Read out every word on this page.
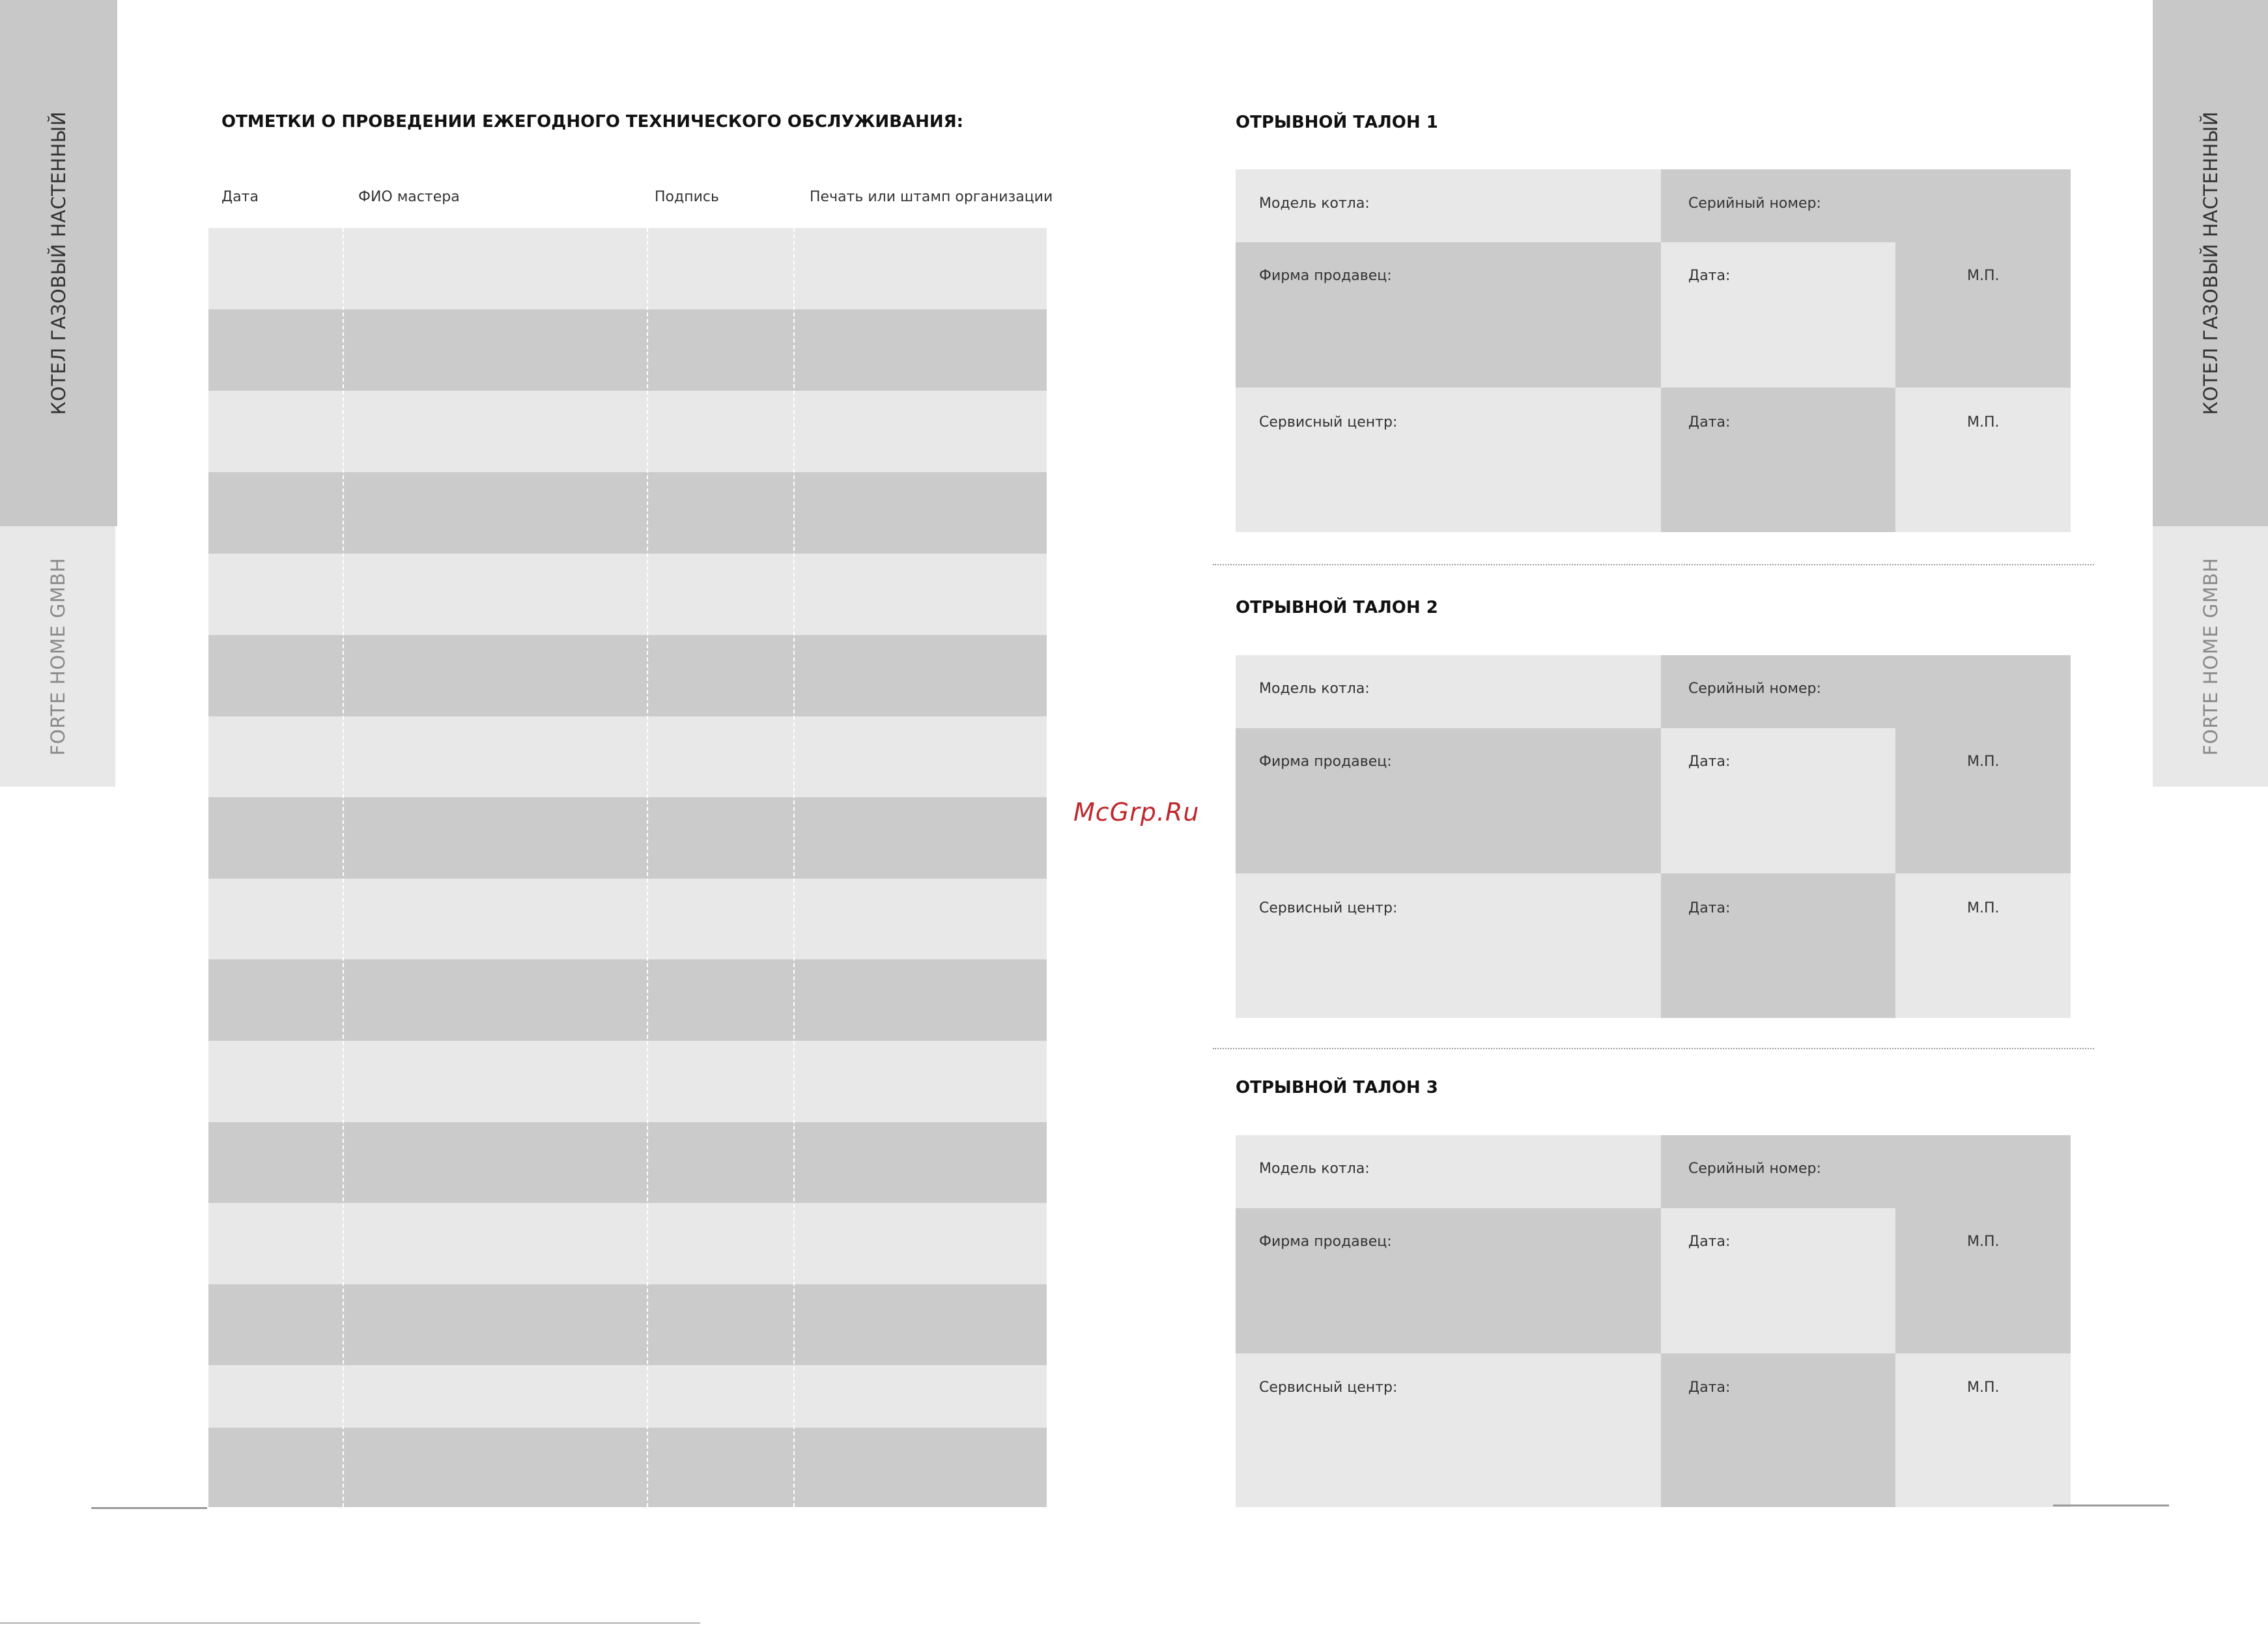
КОТЕЛ ГАЗОВЫЙ НАСТЕННЫЙ
FORTE HOME GMBH
КОТЕЛ ГАЗОВЫЙ НАСТЕННЫЙ
FORTE HOME GMBH
ОТМЕТКИ О ПРОВЕДЕНИИ ЕЖЕГОДНОГО ТЕХНИЧЕСКОГО ОБСЛУЖИВАНИЯ:
Дата	ФИО мастера	Подпись	Печать или штамп организации
McGrp.Ru
ОТРЫВНОЙ ТАЛОН 1
Модель котла:	Серийный номер:
Фирма продавец:	Дата:	М.П.
Сервисный центр:	Дата:	М.П.
ОТРЫВНОЙ ТАЛОН 2
Модель котла:	Серийный номер:
Фирма продавец:	Дата:	М.П.
Сервисный центр:	Дата:	М.П.
ОТРЫВНОЙ ТАЛОН 3
Модель котла:	Серийный номер:
Фирма продавец:	Дата:	М.П.
Сервисный центр:	Дата:	М.П.
